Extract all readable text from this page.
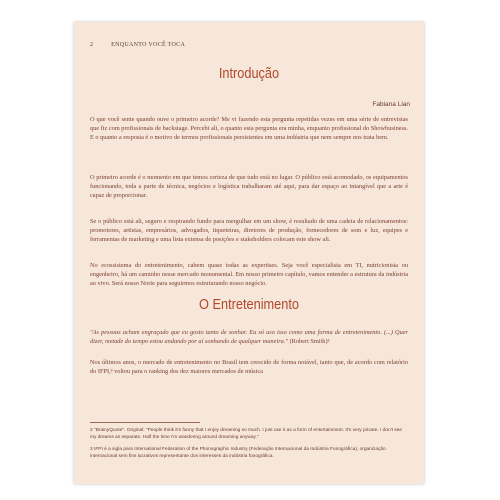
2	ENQUANTO VOCÊ TOCA
Introdução
Fabiana Lian

O que você sente quando ouve o primeiro acorde? Me vi fazendo esta pergunta repetidas vezes em uma série de entrevistas que fiz com profissionais de backstage. Percebi ali, o quanto esta pergunta era minha, enquanto profissional do Showbusiness. E o quanto a resposta é o motivo de termos profissionais persistentes em uma indústria que nem sempre nos trata bem.

O primeiro acorde é o momento em que temos certeza de que tudo está no lugar. O público está acomodado, os equipamentos funcionando, toda a parte de técnica, negócios e logística trabalharam até aqui, para dar espaço ao intangível que a arte é capaz de proporcionar.

Se o público está ali, seguro e respirando fundo para mergulhar em um show, é resultado de uma cadeia de relacionamentos: promotores, artistas, empresários, advogados, tiqueteiras, diretores de produção, fornecedores de som e luz, equipes e ferramentas de marketing e uma lista extensa de posições e stakeholders colocam este show ali.

No ecossistema do entretenimento, cabem quase todas as expertises. Seja você especialista em TI, nutricionista ou engenheiro, há um caminho nesse mercado monumental. Em nosso primeiro capítulo, vamos entender a estrutura da indústria ao vivo. Será nosso Norte para seguirmos estruturando nosso negócio.

O Entretenimento

"As pessoas acham engraçado que eu gosto tanto de sonhar. Eu só uso isso como uma forma de entretenimento. (...) Quer dizer, metade do tempo estou andando por aí sonhando de qualquer maneira." (Robert Smith)²

Nos últimos anos, o mercado de entretenimento no Brasil tem crescido de forma notável, tanto que, de acordo com relatório do IFPI,³ voltou para o ranking dos dez maiores mercados de música

2 "BrainyQuote". Original: "People think it's funny that I enjoy dreaming so much. I just use it as a form of entertainment. It's very private. I don't see my dreams as separate. Half the time I'm wandering around dreaming anyway."

3 IFPI é a sigla para International Federation of the Phonographic Industry (Federação Internacional da Indústria Fonográfica), organização internacional sem fins lucrativos representante dos interesses da indústria fonográfica.
